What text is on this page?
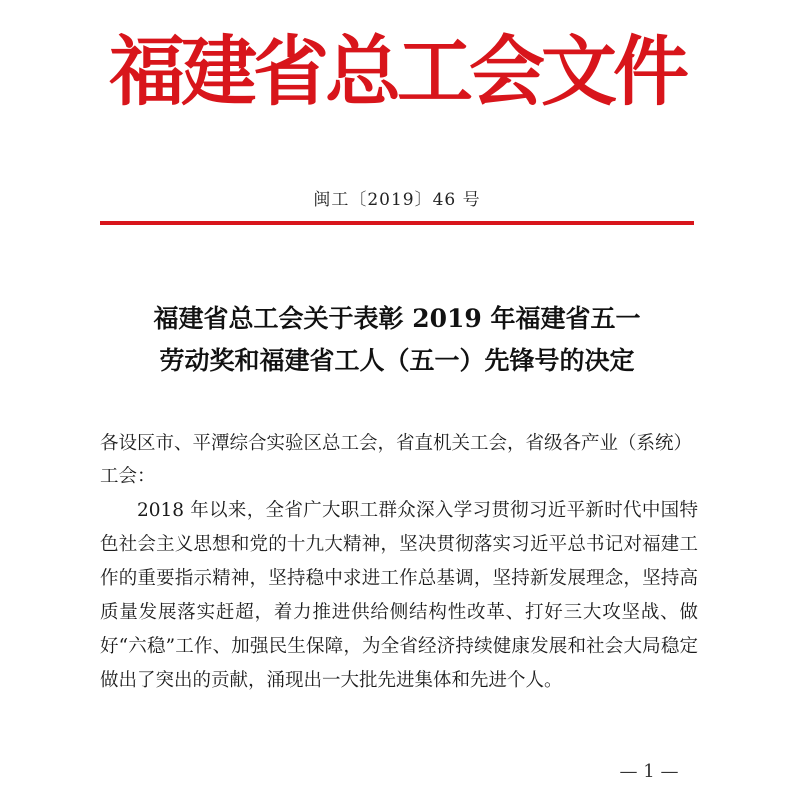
福建省总工会文件
闽工〔2019〕46 号
福建省总工会关于表彰 2019 年福建省五一
劳动奖和福建省工人（五一）先锋号的决定
各设区市、平潭综合实验区总工会，省直机关工会，省级各产业（系统）工会：
2018 年以来，全省广大职工群众深入学习贯彻习近平新时代中国特色社会主义思想和党的十九大精神，坚决贯彻落实习近平总书记对福建工作的重要指示精神，坚持稳中求进工作总基调，坚持新发展理念，坚持高质量发展落实赶超，着力推进供给侧结构性改革、打好三大攻坚战、做好“六稳”工作、加强民生保障，为全省经济持续健康发展和社会大局稳定做出了突出的贡献，涌现出一大批先进集体和先进个人。
— 1 —
